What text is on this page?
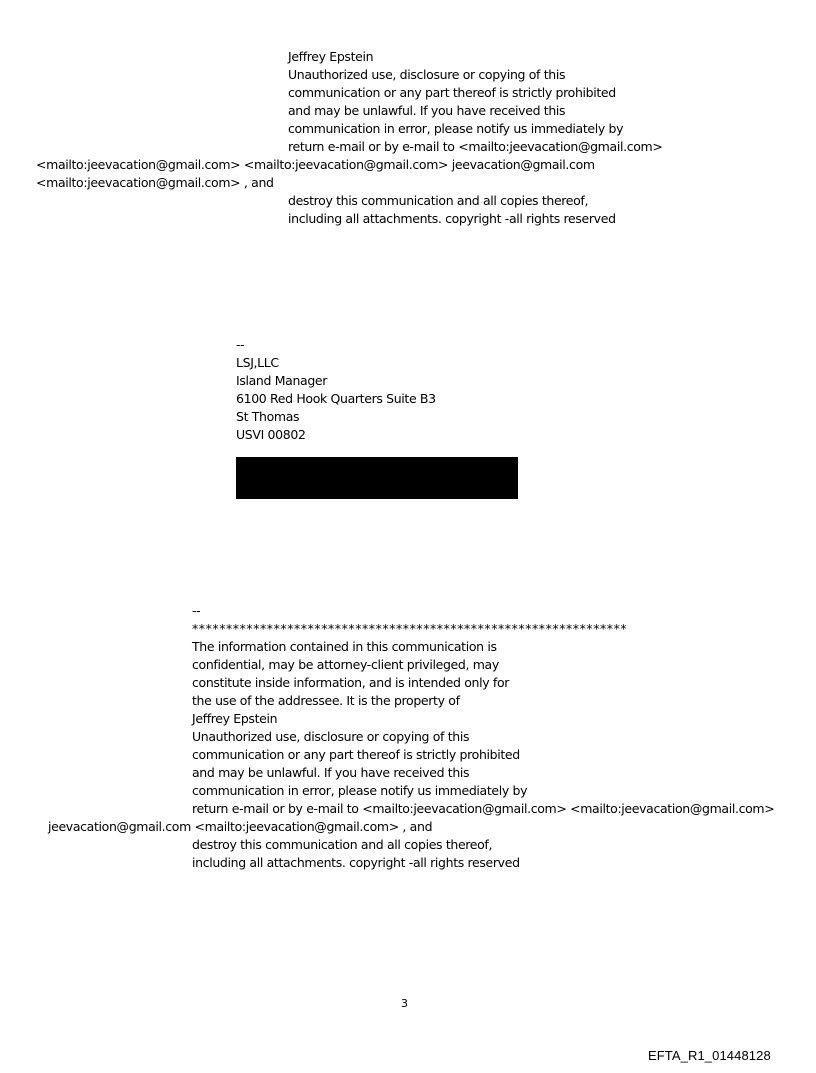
Jeffrey Epstein
Unauthorized use, disclosure or copying of this
communication or any part thereof is strictly prohibited
and may be unlawful. If you have received this
communication in error, please notify us immediately by
return e-mail or by e-mail to <mailto:jeevacation@gmail.com>
<mailto:jeevacation@gmail.com> <mailto:jeevacation@gmail.com> jeevacation@gmail.com
<mailto:jeevacation@gmail.com> , and
destroy this communication and all copies thereof,
including all attachments. copyright -all rights reserved
--
LSJ,LLC
Island Manager
6100 Red Hook Quarters Suite B3
St Thomas
USVI 00802
--
****************************************************************
The information contained in this communication is
confidential, may be attorney-client privileged, may
constitute inside information, and is intended only for
the use of the addressee. It is the property of
Jeffrey Epstein
Unauthorized use, disclosure or copying of this
communication or any part thereof is strictly prohibited
and may be unlawful. If you have received this
communication in error, please notify us immediately by
return e-mail or by e-mail to <mailto:jeevacation@gmail.com> <mailto:jeevacation@gmail.com>
jeevacation@gmail.com <mailto:jeevacation@gmail.com> , and
destroy this communication and all copies thereof,
including all attachments. copyright -all rights reserved
3
EFTA_R1_01448128
